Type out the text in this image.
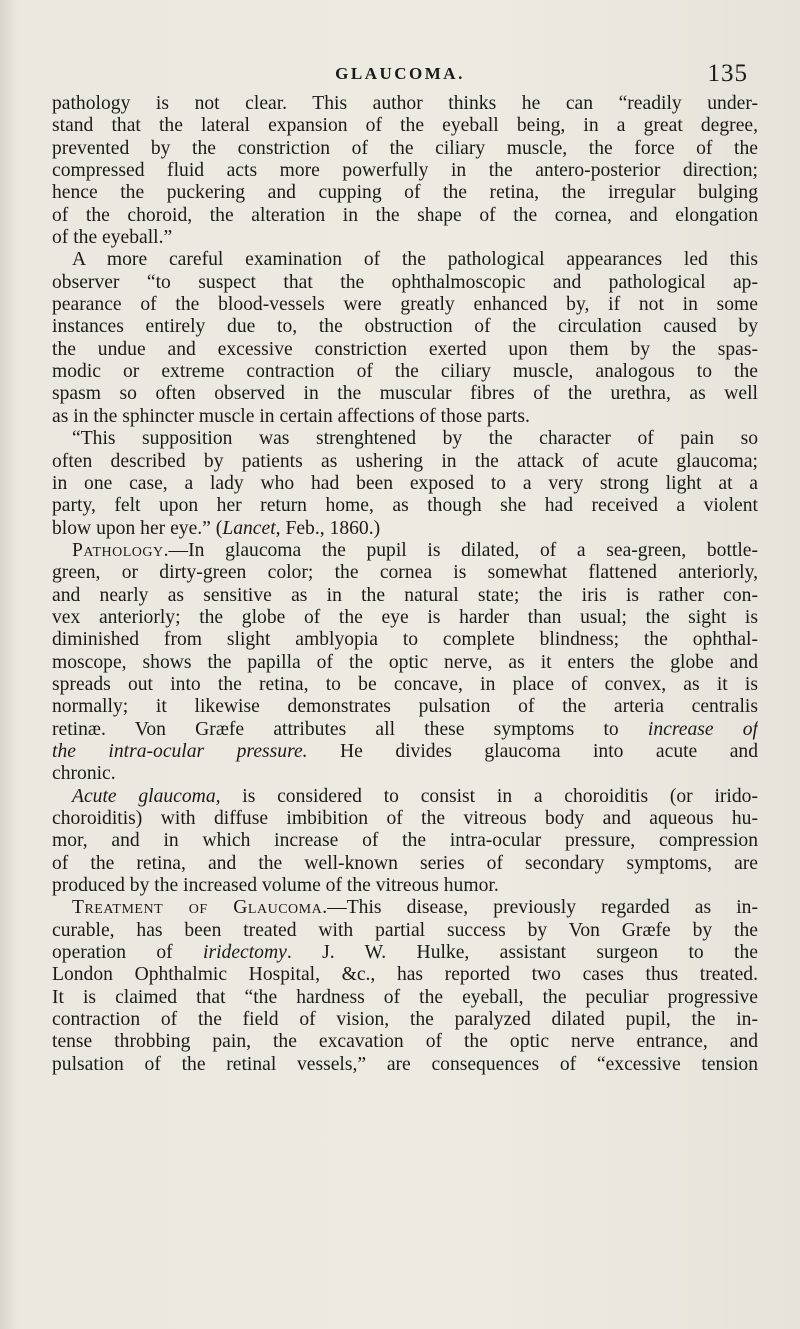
GLAUCOMA.	135
pathology is not clear. This author thinks he can “readily under-
stand that the lateral expansion of the eyeball being, in a great degree,
prevented by the constriction of the ciliary muscle, the force of the
compressed fluid acts more powerfully in the antero-posterior direction;
hence the puckering and cupping of the retina, the irregular bulging
of the choroid, the alteration in the shape of the cornea, and elongation
of the eyeball.”
A more careful examination of the pathological appearances led this
observer “to suspect that the ophthalmoscopic and pathological ap-
pearance of the blood-vessels were greatly enhanced by, if not in some
instances entirely due to, the obstruction of the circulation caused by
the undue and excessive constriction exerted upon them by the spas-
modic or extreme contraction of the ciliary muscle, analogous to the
spasm so often observed in the muscular fibres of the urethra, as well
as in the sphincter muscle in certain affections of those parts.
“This supposition was strenghtened by the character of pain so
often described by patients as ushering in the attack of acute glaucoma;
in one case, a lady who had been exposed to a very strong light at a
party, felt upon her return home, as though she had received a violent
blow upon her eye.” (Lancet, Feb., 1860.)
Pathology.—In glaucoma the pupil is dilated, of a sea-green, bottle-
green, or dirty-green color; the cornea is somewhat flattened anteriorly,
and nearly as sensitive as in the natural state; the iris is rather con-
vex anteriorly; the globe of the eye is harder than usual; the sight is
diminished from slight amblyopia to complete blindness; the ophthal-
moscope, shows the papilla of the optic nerve, as it enters the globe and
spreads out into the retina, to be concave, in place of convex, as it is
normally; it likewise demonstrates pulsation of the arteria centralis
retinæ. Von Græfe attributes all these symptoms to increase of
the intra-ocular pressure. He divides glaucoma into acute and
chronic.
Acute glaucoma, is considered to consist in a choroiditis (or irido-
choroiditis) with diffuse imbibition of the vitreous body and aqueous hu-
mor, and in which increase of the intra-ocular pressure, compression
of the retina, and the well-known series of secondary symptoms, are
produced by the increased volume of the vitreous humor.
Treatment of Glaucoma.—This disease, previously regarded as in-
curable, has been treated with partial success by Von Græfe by the
operation of iridectomy. J. W. Hulke, assistant surgeon to the
London Ophthalmic Hospital, &c., has reported two cases thus treated.
It is claimed that “the hardness of the eyeball, the peculiar progressive
contraction of the field of vision, the paralyzed dilated pupil, the in-
tense throbbing pain, the excavation of the optic nerve entrance, and
pulsation of the retinal vessels,” are consequences of “excessive tension
